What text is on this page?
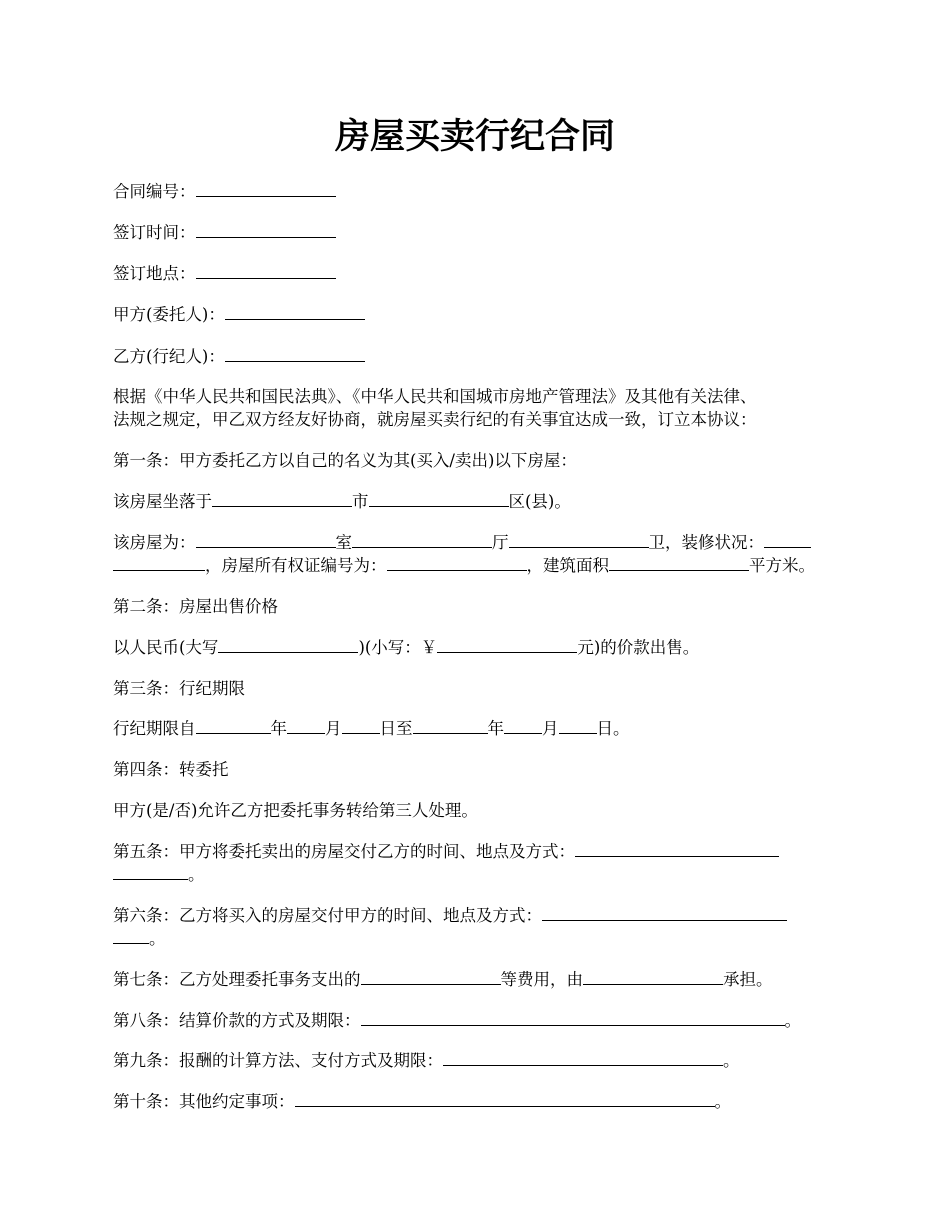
房屋买卖行纪合同
合同编号：
签订时间：
签订地点：
甲方(委托人)：
乙方(行纪人)：
根据《中华人民共和国民法典》、《中华人民共和国城市房地产管理法》及其他有关法律、
法规之规定，甲乙双方经友好协商，就房屋买卖行纪的有关事宜达成一致，订立本协议：
第一条：甲方委托乙方以自己的名义为其(买入/卖出)以下房屋：
该房屋坐落于	市	区(县)。
该房屋为：	室	厅	卫，装修状况：
，房屋所有权证编号为：	，建筑面积	平方米。
第二条：房屋出售价格
以人民币(大写	)(小写：￥	元)的价款出售。
第三条：行纪期限
行纪期限自	年 月 日至	年 月 日。
第四条：转委托
甲方(是/否)允许乙方把委托事务转给第三人处理。
第五条：甲方将委托卖出的房屋交付乙方的时间、地点及方式：
。
第六条：乙方将买入的房屋交付甲方的时间、地点及方式：
。
第七条：乙方处理委托事务支出的	等费用，由	承担。
第八条：结算价款的方式及期限：	。
第九条：报酬的计算方法、支付方式及期限：	。
第十条：其他约定事项：	。
